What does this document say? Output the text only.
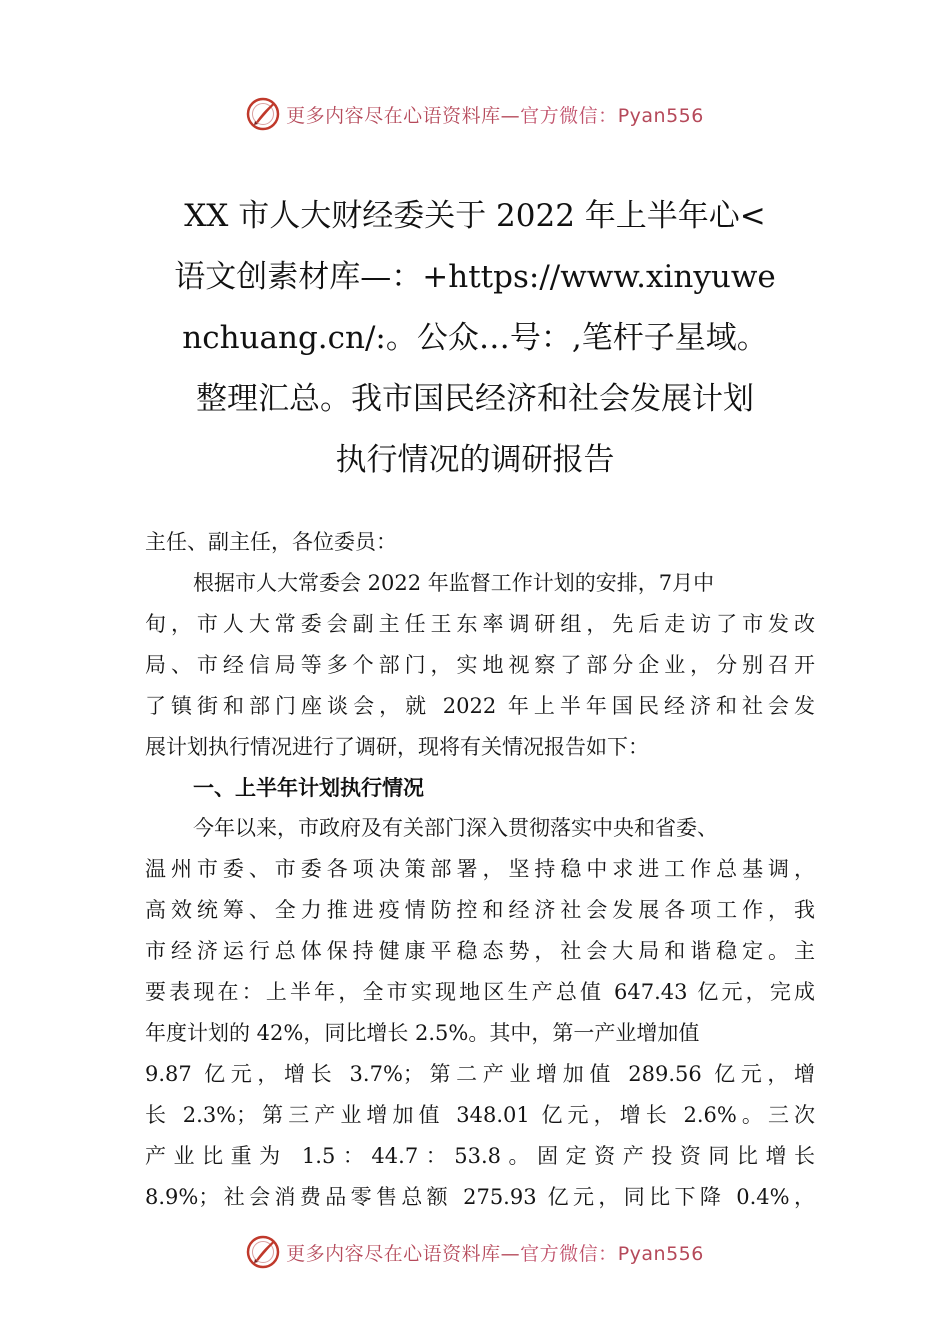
更多内容尽在心语资料库—官方微信：Pyan556
XX 市人大财经委关于 2022 年上半年心<
语文创素材库—：+https://www.xinyuwe
nchuang.cn/:。公众…号：,笔杆子星域。
整理汇总。我市国民经济和社会发展计划
执行情况的调研报告
主任、副主任，各位委员：
根据市人大常委会 2022 年监督工作计划的安排，7月中
旬，市人大常委会副主任王东率调研组，先后走访了市发改
局、市经信局等多个部门，实地视察了部分企业，分别召开
了镇街和部门座谈会，就 2022 年上半年国民经济和社会发
展计划执行情况进行了调研，现将有关情况报告如下：
一、上半年计划执行情况
今年以来，市政府及有关部门深入贯彻落实中央和省委、
温州市委、市委各项决策部署，坚持稳中求进工作总基调，
高效统筹、全力推进疫情防控和经济社会发展各项工作，我
市经济运行总体保持健康平稳态势，社会大局和谐稳定。主
要表现在：上半年，全市实现地区生产总值 647.43 亿元，完成
年度计划的 42%，同比增长 2.5%。其中，第一产业增加值
9.87 亿元，增长 3.7%；第二产业增加值 289.56 亿元，增
长 2.3%；第三产业增加值 348.01 亿元，增长 2.6%。三次
产业比重为 1.5：44.7：53.8。固定资产投资同比增长
8.9%；社会消费品零售总额 275.93 亿元，同比下降 0.4%，
更多内容尽在心语资料库—官方微信：Pyan556
